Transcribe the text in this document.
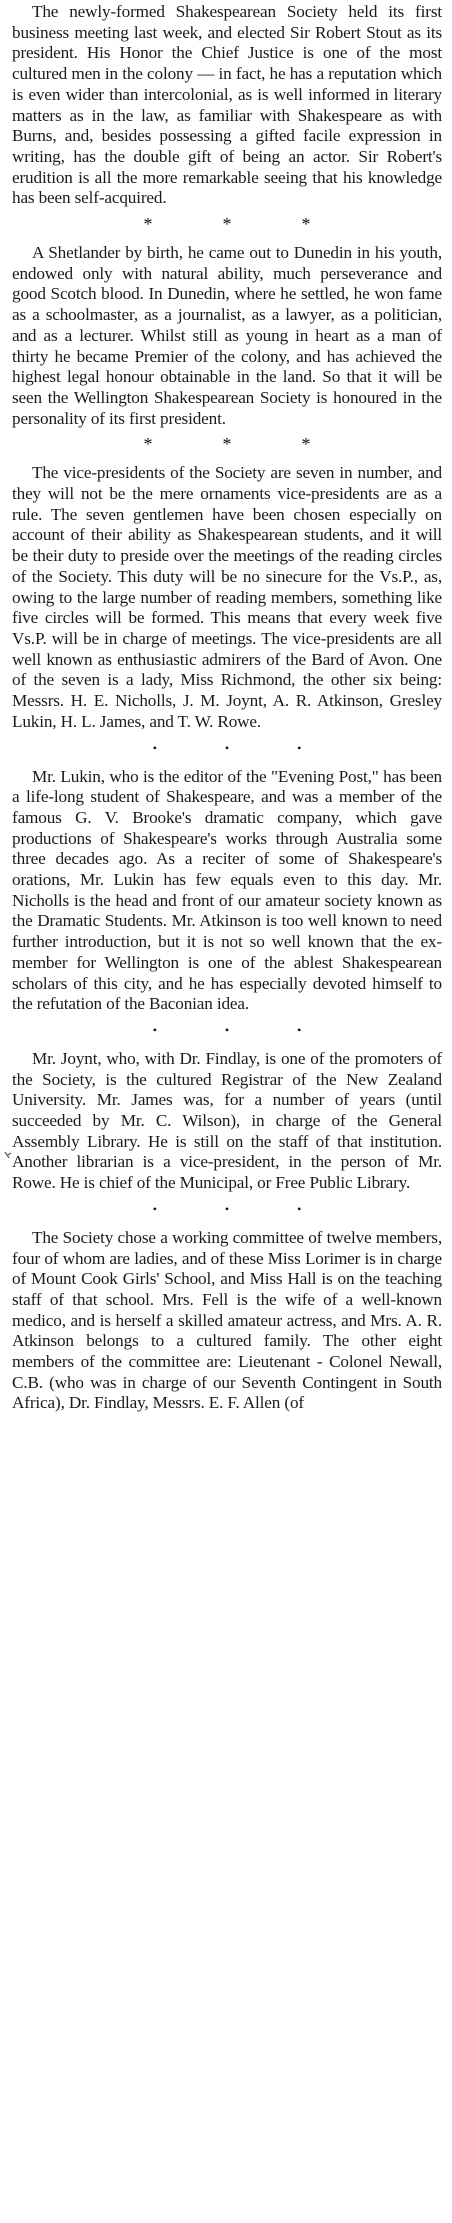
The newly-formed Shakespearean Society held its first business meeting last week, and elected Sir Robert Stout as its president. His Honor the Chief Justice is one of the most cultured men in the colony — in fact, he has a reputation which is even wider than intercolonial, as is well informed in literary matters as in the law, as familiar with Shakespeare as with Burns, and, besides possessing a gifted facile expression in writing, has the double gift of being an actor. Sir Robert's erudition is all the more remarkable seeing that his knowledge has been self-acquired.

*	*	*

A Shetlander by birth, he came out to Dunedin in his youth, endowed only with natural ability, much perseverance and good Scotch blood. In Dunedin, where he settled, he won fame as a schoolmaster, as a journalist, as a lawyer, as a politician, and as a lecturer. Whilst still as young in heart as a man of thirty he became Premier of the colony, and has achieved the highest legal honour obtainable in the land. So that it will be seen the Wellington Shakespearean Society is honoured in the personality of its first president.

*	*	*

The vice-presidents of the Society are seven in number, and they will not be the mere ornaments vice-presidents are as a rule. The seven gentlemen have been chosen especially on account of their ability as Shakespearean students, and it will be their duty to preside over the meetings of the reading circles of the Society. This duty will be no sinecure for the Vs.P., as, owing to the large number of reading members, something like five circles will be formed. This means that every week five Vs.P. will be in charge of meetings. The vice-presidents are all well known as enthusiastic admirers of the Bard of Avon. One of the seven is a lady, Miss Richmond, the other six being: Messrs. H. E. Nicholls, J. M. Joynt, A. R. Atkinson, Gresley Lukin, H. L. James, and T. W. Rowe.

•	•	•

Mr. Lukin, who is the editor of the "Evening Post," has been a life-long student of Shakespeare, and was a member of the famous G. V. Brooke's dramatic company, which gave productions of Shakespeare's works through Australia some three decades ago. As a reciter of some of Shakespeare's orations, Mr. Lukin has few equals even to this day. Mr. Nicholls is the head and front of our amateur society known as the Dramatic Students. Mr. Atkinson is too well known to need further introduction, but it is not so well known that the ex-member for Wellington is one of the ablest Shakespearean scholars of this city, and he has especially devoted himself to the refutation of the Baconian idea.

•	•	•

Mr. Joynt, who, with Dr. Findlay, is one of the promoters of the Society, is the cultured Registrar of the New Zealand University. Mr. James was, for a number of years (until succeeded by Mr. C. Wilson), in charge of the General Assembly Library. He is still on the staff of that institution. Another librarian is a vice-president, in the person of Mr. Rowe. He is chief of the Municipal, or Free Public Library.

•	•	•

The Society chose a working committee of twelve members, four of whom are ladies, and of these Miss Lorimer is in charge of Mount Cook Girls' School, and Miss Hall is on the teaching staff of that school. Mrs. Fell is the wife of a well-known medico, and is herself a skilled amateur actress, and Mrs. A. R. Atkinson belongs to a cultured family. The other eight members of the committee are: Lieutenant - Colonel Newall, C.B. (who was in charge of our Seventh Contingent in South Africa), Dr. Findlay, Messrs. E. F. Allen (of
